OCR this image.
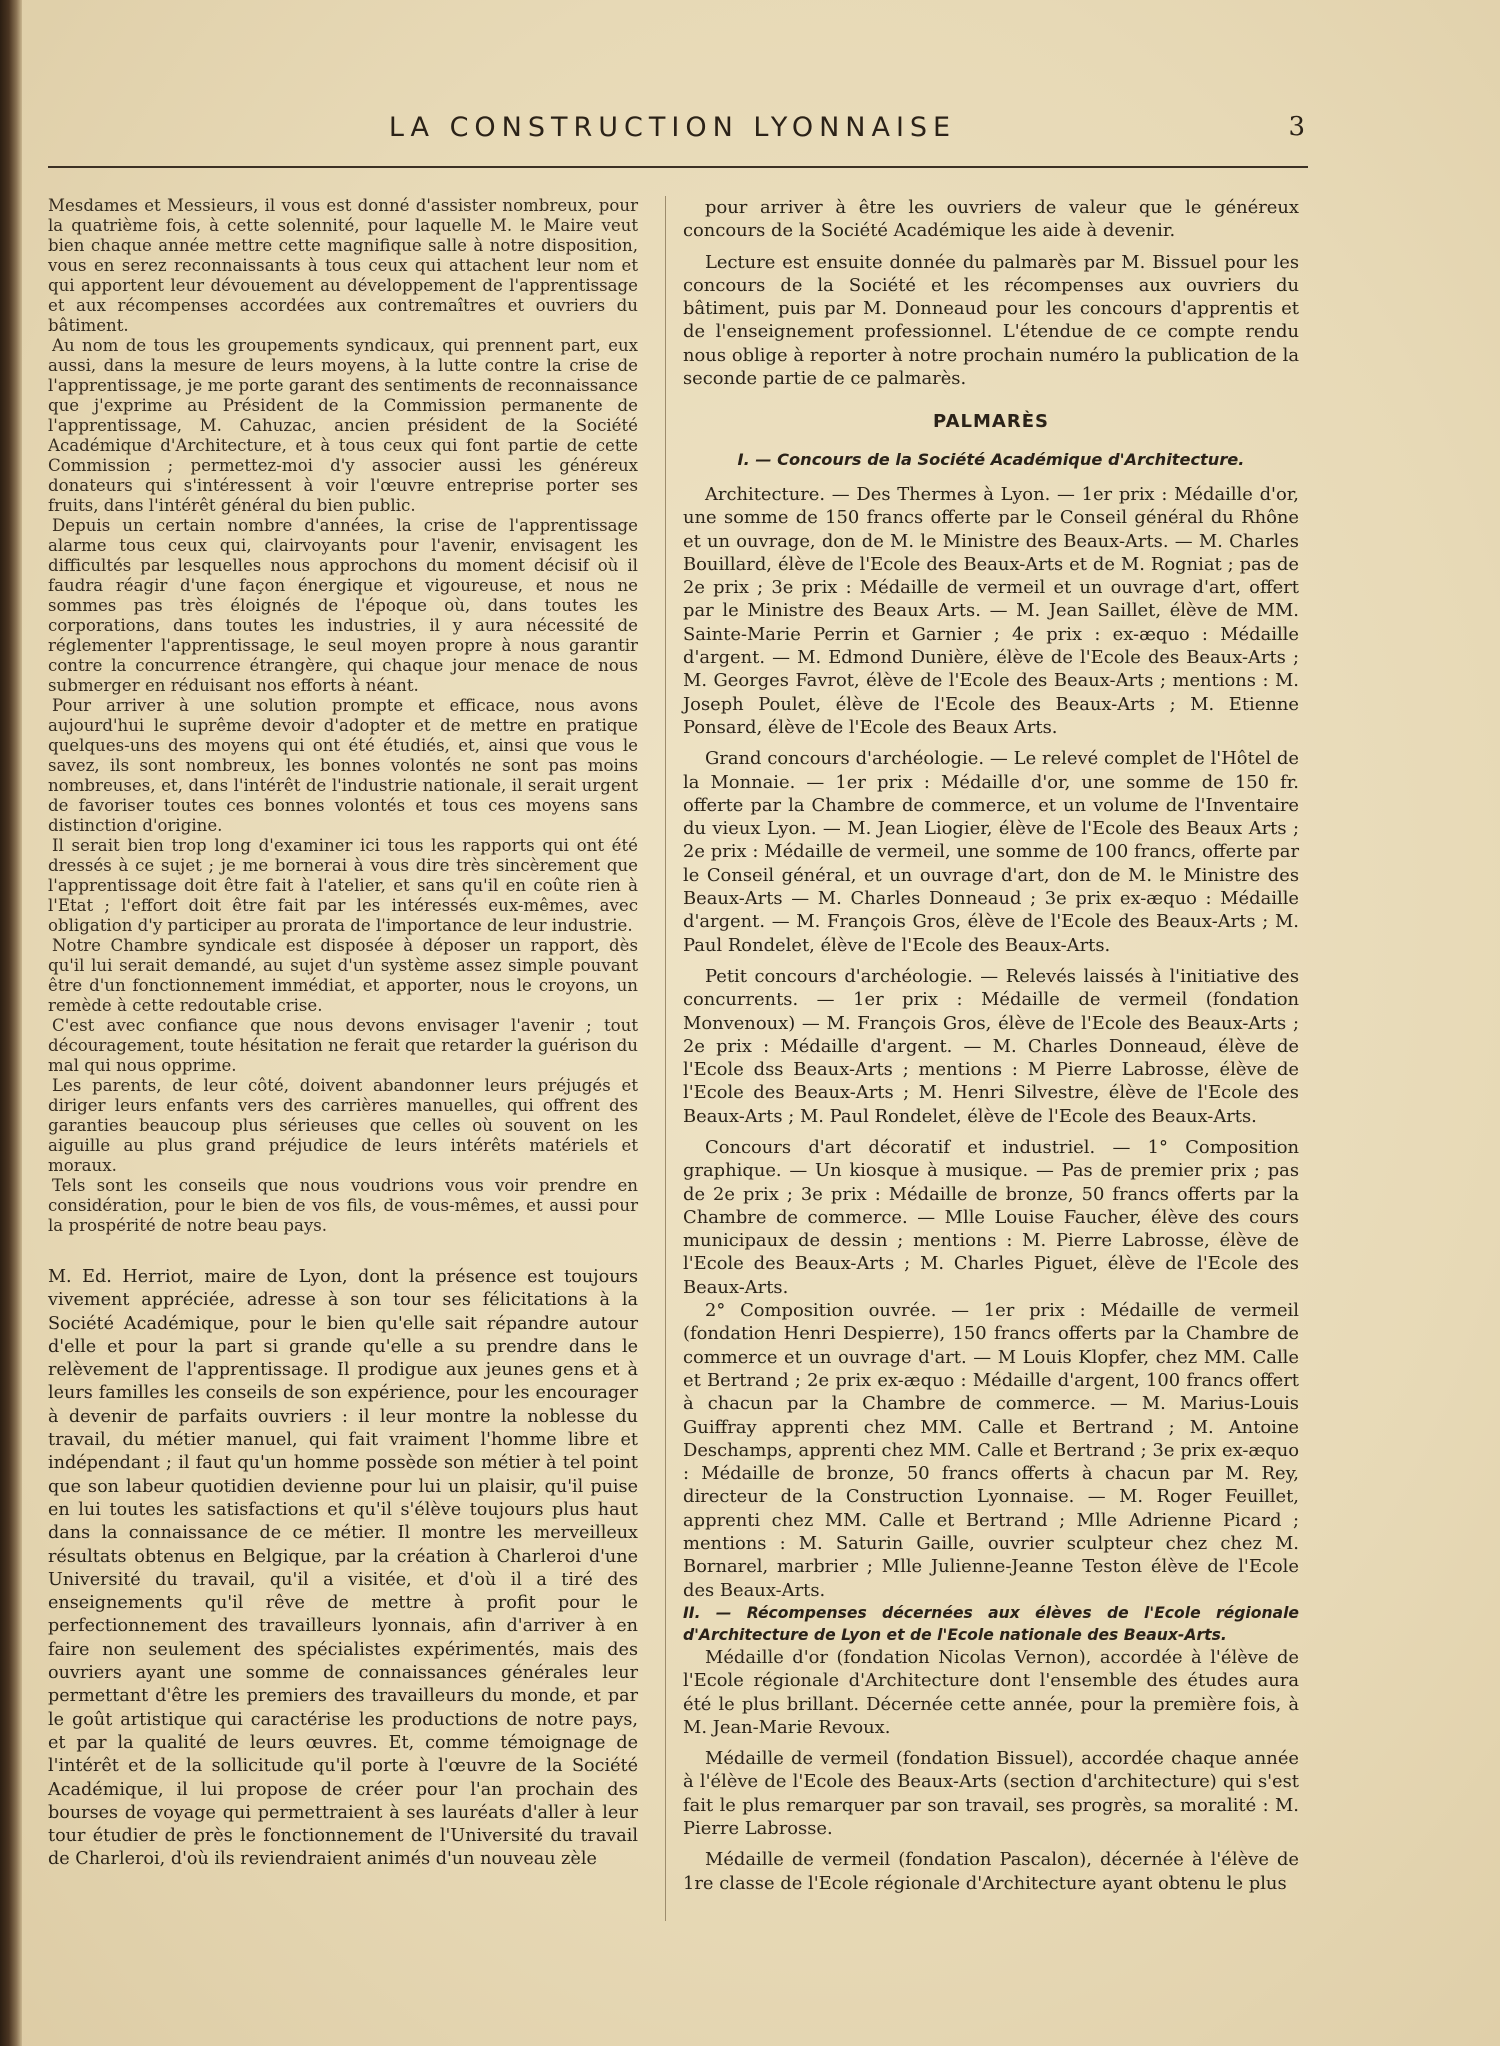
LA CONSTRUCTION LYONNAISE	3

Mesdames et Messieurs, il vous est donné d'assister nombreux, pour la quatrième fois, à cette solennité, pour laquelle M. le Maire veut bien chaque année mettre cette magnifique salle à notre disposition, vous en serez reconnaissants à tous ceux qui attachent leur nom et qui apportent leur dévouement au développement de l'apprentissage et aux récompenses accordées aux contremaîtres et ouvriers du bâtiment.

Au nom de tous les groupements syndicaux, qui prennent part, eux aussi, dans la mesure de leurs moyens, à la lutte contre la crise de l'apprentissage, je me porte garant des sentiments de reconnaissance que j'exprime au Président de la Commission permanente de l'apprentissage, M. Cahuzac, ancien président de la Société Académique d'Architecture, et à tous ceux qui font partie de cette Commission ; permettez-moi d'y associer aussi les généreux donateurs qui s'intéressent à voir l'œuvre entreprise porter ses fruits, dans l'intérêt général du bien public.

Depuis un certain nombre d'années, la crise de l'apprentissage alarme tous ceux qui, clairvoyants pour l'avenir, envisagent les difficultés par lesquelles nous approchons du moment décisif où il faudra réagir d'une façon énergique et vigoureuse, et nous ne sommes pas très éloignés de l'époque où, dans toutes les corporations, dans toutes les industries, il y aura nécessité de réglementer l'apprentissage, le seul moyen propre à nous garantir contre la concurrence étrangère, qui chaque jour menace de nous submerger en réduisant nos efforts à néant.

Pour arriver à une solution prompte et efficace, nous avons aujourd'hui le suprême devoir d'adopter et de mettre en pratique quelques-uns des moyens qui ont été étudiés, et, ainsi que vous le savez, ils sont nombreux, les bonnes volontés ne sont pas moins nombreuses, et, dans l'intérêt de l'industrie nationale, il serait urgent de favoriser toutes ces bonnes volontés et tous ces moyens sans distinction d'origine.

Il serait bien trop long d'examiner ici tous les rapports qui ont été dressés à ce sujet ; je me bornerai à vous dire très sincèrement que l'apprentissage doit être fait à l'atelier, et sans qu'il en coûte rien à l'Etat ; l'effort doit être fait par les intéressés eux-mêmes, avec obligation d'y participer au prorata de l'importance de leur industrie.

Notre Chambre syndicale est disposée à déposer un rapport, dès qu'il lui serait demandé, au sujet d'un système assez simple pouvant être d'un fonctionnement immédiat, et apporter, nous le croyons, un remède à cette redoutable crise.

C'est avec confiance que nous devons envisager l'avenir ; tout découragement, toute hésitation ne ferait que retarder la guérison du mal qui nous opprime.

Les parents, de leur côté, doivent abandonner leurs préjugés et diriger leurs enfants vers des carrières manuelles, qui offrent des garanties beaucoup plus sérieuses que celles où souvent on les aiguille au plus grand préjudice de leurs intérêts matériels et moraux.

Tels sont les conseils que nous voudrions vous voir prendre en considération, pour le bien de vos fils, de vous-mêmes, et aussi pour la prospérité de notre beau pays.

M. Ed. Herriot, maire de Lyon, dont la présence est toujours vivement appréciée, adresse à son tour ses félicitations à la Société Académique, pour le bien qu'elle sait répandre autour d'elle et pour la part si grande qu'elle a su prendre dans le relèvement de l'apprentissage. Il prodigue aux jeunes gens et à leurs familles les conseils de son expérience, pour les encourager à devenir de parfaits ouvriers : il leur montre la noblesse du travail, du métier manuel, qui fait vraiment l'homme libre et indépendant ; il faut qu'un homme possède son métier à tel point que son labeur quotidien devienne pour lui un plaisir, qu'il puise en lui toutes les satisfactions et qu'il s'élève toujours plus haut dans la connaissance de ce métier. Il montre les merveilleux résultats obtenus en Belgique, par la création à Charleroi d'une Université du travail, qu'il a visitée, et d'où il a tiré des enseignements qu'il rêve de mettre à profit pour le perfectionnement des travailleurs lyonnais, afin d'arriver à en faire non seulement des spécialistes expérimentés, mais des ouvriers ayant une somme de connaissances générales leur permettant d'être les premiers des travailleurs du monde, et par le goût artistique qui caractérise les productions de notre pays, et par la qualité de leurs œuvres. Et, comme témoignage de l'intérêt et de la sollicitude qu'il porte à l'œuvre de la Société Académique, il lui propose de créer pour l'an prochain des bourses de voyage qui permettraient à ses lauréats d'aller à leur tour étudier de près le fonctionnement de l'Université du travail de Charleroi, d'où ils reviendraient animés d'un nouveau zèle

pour arriver à être les ouvriers de valeur que le généreux concours de la Société Académique les aide à devenir.

Lecture est ensuite donnée du palmarès par M. Bissuel pour les concours de la Société et les récompenses aux ouvriers du bâtiment, puis par M. Donneaud pour les concours d'apprentis et de l'enseignement professionnel. L'étendue de ce compte rendu nous oblige à reporter à notre prochain numéro la publication de la seconde partie de ce palmarès.

PALMARÈS
I. — Concours de la Société Académique d'Architecture.

Architecture. — Des Thermes à Lyon. — 1er prix : Médaille d'or, une somme de 150 francs offerte par le Conseil général du Rhône et un ouvrage, don de M. le Ministre des Beaux-Arts. — M. Charles Bouillard, élève de l'Ecole des Beaux-Arts et de M. Rogniat ; pas de 2e prix ; 3e prix : Médaille de vermeil et un ouvrage d'art, offert par le Ministre des Beaux Arts. — M. Jean Saillet, élève de MM. Sainte-Marie Perrin et Garnier ; 4e prix : ex-æquo : Médaille d'argent. — M. Edmond Dunière, élève de l'Ecole des Beaux-Arts ; M. Georges Favrot, élève de l'Ecole des Beaux-Arts ; mentions : M. Joseph Poulet, élève de l'Ecole des Beaux-Arts ; M. Etienne Ponsard, élève de l'Ecole des Beaux Arts.

Grand concours d'archéologie. — Le relevé complet de l'Hôtel de la Monnaie. — 1er prix : Médaille d'or, une somme de 150 fr. offerte par la Chambre de commerce, et un volume de l'Inventaire du vieux Lyon. — M. Jean Liogier, élève de l'Ecole des Beaux Arts ; 2e prix : Médaille de vermeil, une somme de 100 francs, offerte par le Conseil général, et un ouvrage d'art, don de M. le Ministre des Beaux-Arts — M. Charles Donneaud ; 3e prix ex-æquo : Médaille d'argent. — M. François Gros, élève de l'Ecole des Beaux-Arts ; M. Paul Rondelet, élève de l'Ecole des Beaux-Arts.

Petit concours d'archéologie. — Relevés laissés à l'initiative des concurrents. — 1er prix : Médaille de vermeil (fondation Monvenoux) — M. François Gros, élève de l'Ecole des Beaux-Arts ; 2e prix : Médaille d'argent. — M. Charles Donneaud, élève de l'Ecole dss Beaux-Arts ; mentions : M Pierre Labrosse, élève de l'Ecole des Beaux-Arts ; M. Henri Silvestre, élève de l'Ecole des Beaux-Arts ; M. Paul Rondelet, élève de l'Ecole des Beaux-Arts.

Concours d'art décoratif et industriel. — 1° Composition graphique. — Un kiosque à musique. — Pas de premier prix ; pas de 2e prix ; 3e prix : Médaille de bronze, 50 francs offerts par la Chambre de commerce. — Mlle Louise Faucher, élève des cours municipaux de dessin ; mentions : M. Pierre Labrosse, élève de l'Ecole des Beaux-Arts ; M. Charles Piguet, élève de l'Ecole des Beaux-Arts.

2° Composition ouvrée. — 1er prix : Médaille de vermeil (fondation Henri Despierre), 150 francs offerts par la Chambre de commerce et un ouvrage d'art. — M Louis Klopfer, chez MM. Calle et Bertrand ; 2e prix ex-æquo : Médaille d'argent, 100 francs offert à chacun par la Chambre de commerce. — M. Marius-Louis Guiffray apprenti chez MM. Calle et Bertrand ; M. Antoine Deschamps, apprenti chez MM. Calle et Bertrand ; 3e prix ex-æquo : Médaille de bronze, 50 francs offerts à chacun par M. Rey, directeur de la Construction Lyonnaise. — M. Roger Feuillet, apprenti chez MM. Calle et Bertrand ; Mlle Adrienne Picard ; mentions : M. Saturin Gaille, ouvrier sculpteur chez chez M. Bornarel, marbrier ; Mlle Julienne-Jeanne Teston élève de l'Ecole des Beaux-Arts.

II. — Récompenses décernées aux élèves de l'Ecole régionale d'Architecture de Lyon et de l'Ecole nationale des Beaux-Arts.

Médaille d'or (fondation Nicolas Vernon), accordée à l'élève de l'Ecole régionale d'Architecture dont l'ensemble des études aura été le plus brillant. Décernée cette année, pour la première fois, à M. Jean-Marie Revoux.

Médaille de vermeil (fondation Bissuel), accordée chaque année à l'élève de l'Ecole des Beaux-Arts (section d'architecture) qui s'est fait le plus remarquer par son travail, ses progrès, sa moralité : M. Pierre Labrosse.

Médaille de vermeil (fondation Pascalon), décernée à l'élève de 1re classe de l'Ecole régionale d'Architecture ayant obtenu le plus
